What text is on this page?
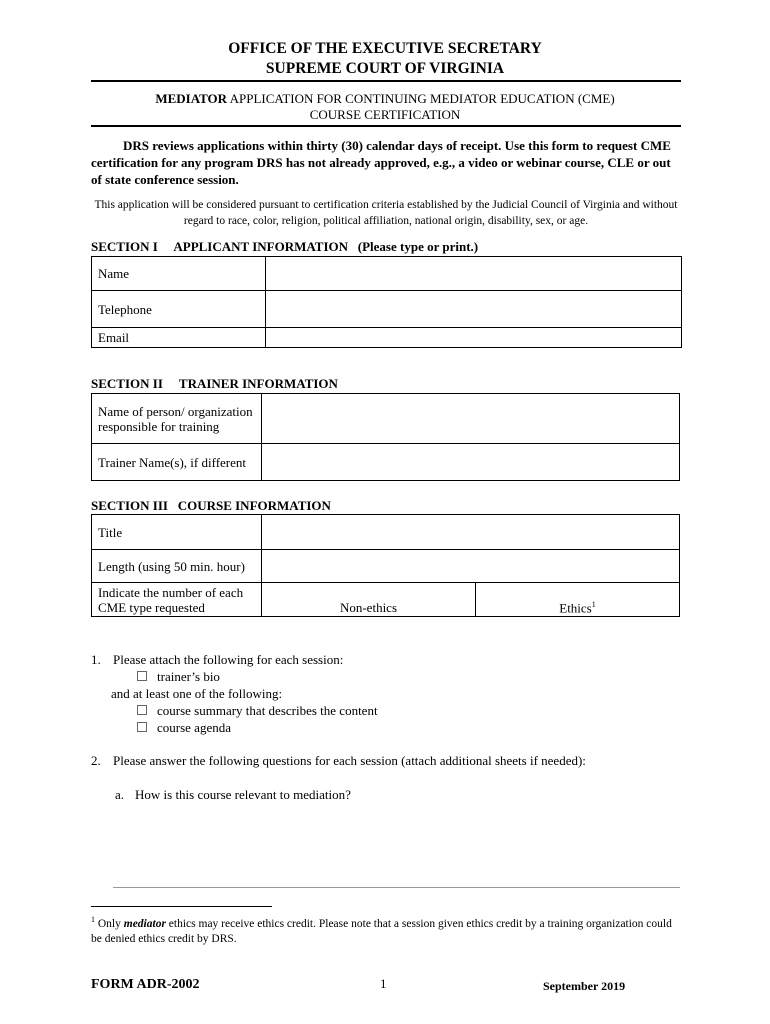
OFFICE OF THE EXECUTIVE SECRETARY
SUPREME COURT OF VIRGINIA
MEDIATOR APPLICATION FOR CONTINUING MEDIATOR EDUCATION (CME)
COURSE CERTIFICATION
DRS reviews applications within thirty (30) calendar days of receipt. Use this form to request CME certification for any program DRS has not already approved, e.g., a video or webinar course, CLE or out of state conference session.
This application will be considered pursuant to certification criteria established by the Judicial Council of Virginia and without regard to race, color, religion, political affiliation, national origin, disability, sex, or age.
SECTION I     APPLICANT INFORMATION   (Please type or print.)
Name	
Telephone	
Email	
SECTION II     TRAINER INFORMATION
Name of person/ organization responsible for training	
Trainer Name(s), if different	
SECTION III   COURSE INFORMATION
Title		
Length (using 50 min. hour)		
Indicate the number of each CME type requested	Non-ethics	Ethics$^1$
1. Please attach the following for each session:
trainer’s bio
and at least one of the following:
course summary that describes the content
course agenda
2. Please answer the following questions for each session (attach additional sheets if needed):
a. How is this course relevant to mediation?
$^1$ Only mediator ethics may receive ethics credit. Please note that a session given ethics credit by a training organization could be denied ethics credit by DRS.
FORM ADR-2002	1	September 2019
